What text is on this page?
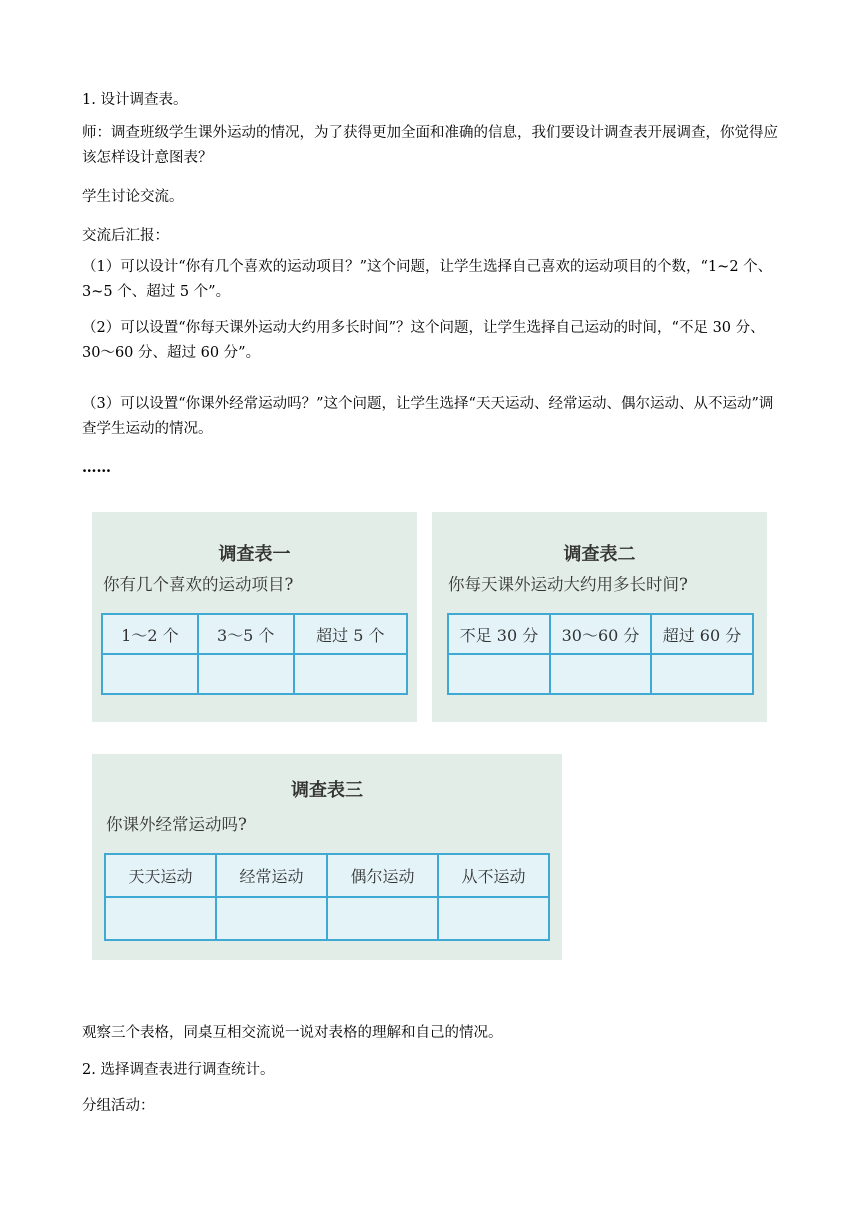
1. 设计调查表。

师：调查班级学生课外运动的情况，为了获得更加全面和准确的信息，我们要设计调查表开展调查，你觉得应该怎样设计意图表？

学生讨论交流。

交流后汇报：

（1）可以设计“你有几个喜欢的运动项目？”这个问题，让学生选择自己喜欢的运动项目的个数，“1~2 个、3~5 个、超过 5 个”。

（2）可以设置“你每天课外运动大约用多长时间”？这个问题，让学生选择自己运动的时间，“不足 30 分、30～60 分、超过 60 分”。

（3）可以设置“你课外经常运动吗？”这个问题，让学生选择“天天运动、经常运动、偶尔运动、从不运动”调查学生运动的情况。

……

调查表一
你有几个喜欢的运动项目?
1～2 个	3～5 个	超过 5 个

调查表二
你每天课外运动大约用多长时间?
不足 30 分	30～60 分	超过 60 分

调查表三
你课外经常运动吗?
天天运动	经常运动	偶尔运动	从不运动

观察三个表格，同桌互相交流说一说对表格的理解和自己的情况。

2. 选择调查表进行调查统计。

分组活动：
